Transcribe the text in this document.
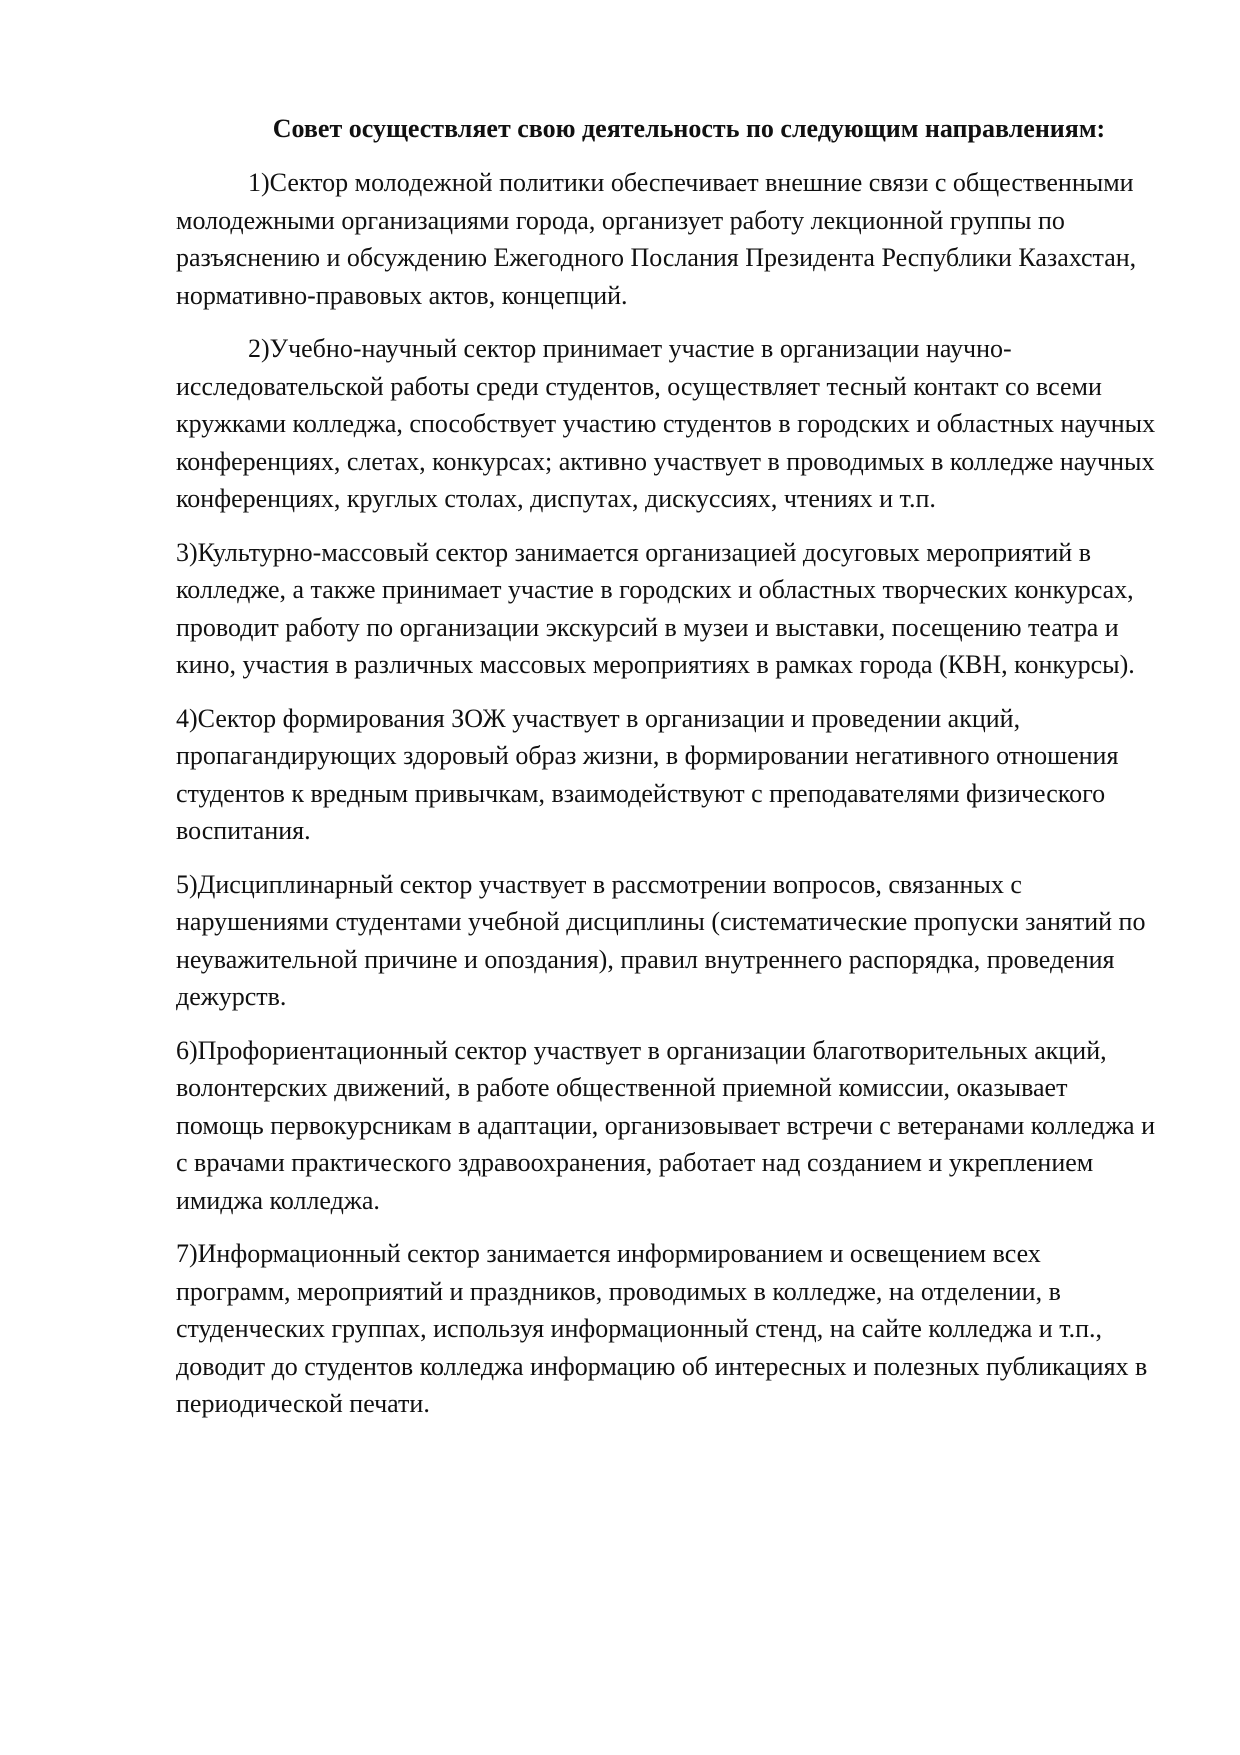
Совет осуществляет свою деятельность по следующим направлениям:

1)Сектор молодежной политики обеспечивает внешние связи с общественными молодежными организациями города, организует работу лекционной группы по разъяснению и обсуждению Ежегодного Послания Президента Республики Казахстан, нормативно-правовых актов, концепций.

2)Учебно-научный сектор принимает участие в организации научно-исследовательской работы среди студентов, осуществляет тесный контакт со всеми кружками колледжа, способствует участию студентов в городских и областных научных конференциях, слетах, конкурсах; активно участвует в проводимых в колледже научных конференциях, круглых столах, диспутах, дискуссиях, чтениях и т.п.

3)Культурно-массовый сектор занимается организацией досуговых мероприятий в колледже, а также принимает участие в городских и областных творческих конкурсах, проводит работу по организации экскурсий в музеи и выставки, посещению театра и кино, участия в различных массовых мероприятиях в рамках города (КВН, конкурсы).

4)Сектор формирования ЗОЖ участвует в организации и проведении акций, пропагандирующих здоровый образ жизни, в формировании негативного отношения студентов к вредным привычкам, взаимодействуют с преподавателями физического воспитания.

5)Дисциплинарный сектор участвует в рассмотрении вопросов, связанных с нарушениями студентами учебной дисциплины (систематические пропуски занятий по неуважительной причине и опоздания), правил внутреннего распорядка, проведения дежурств.

6)Профориентационный сектор участвует в организации благотворительных акций, волонтерских движений, в работе общественной приемной комиссии, оказывает помощь первокурсникам в адаптации, организовывает встречи с ветеранами колледжа и с врачами практического здравоохранения, работает над созданием и укреплением имиджа колледжа.

7)Информационный сектор занимается информированием и освещением всех программ, мероприятий и праздников, проводимых в колледже, на отделении, в студенческих группах, используя информационный стенд, на сайте колледжа и т.п., доводит до студентов колледжа информацию об интересных и полезных публикациях в периодической печати.
